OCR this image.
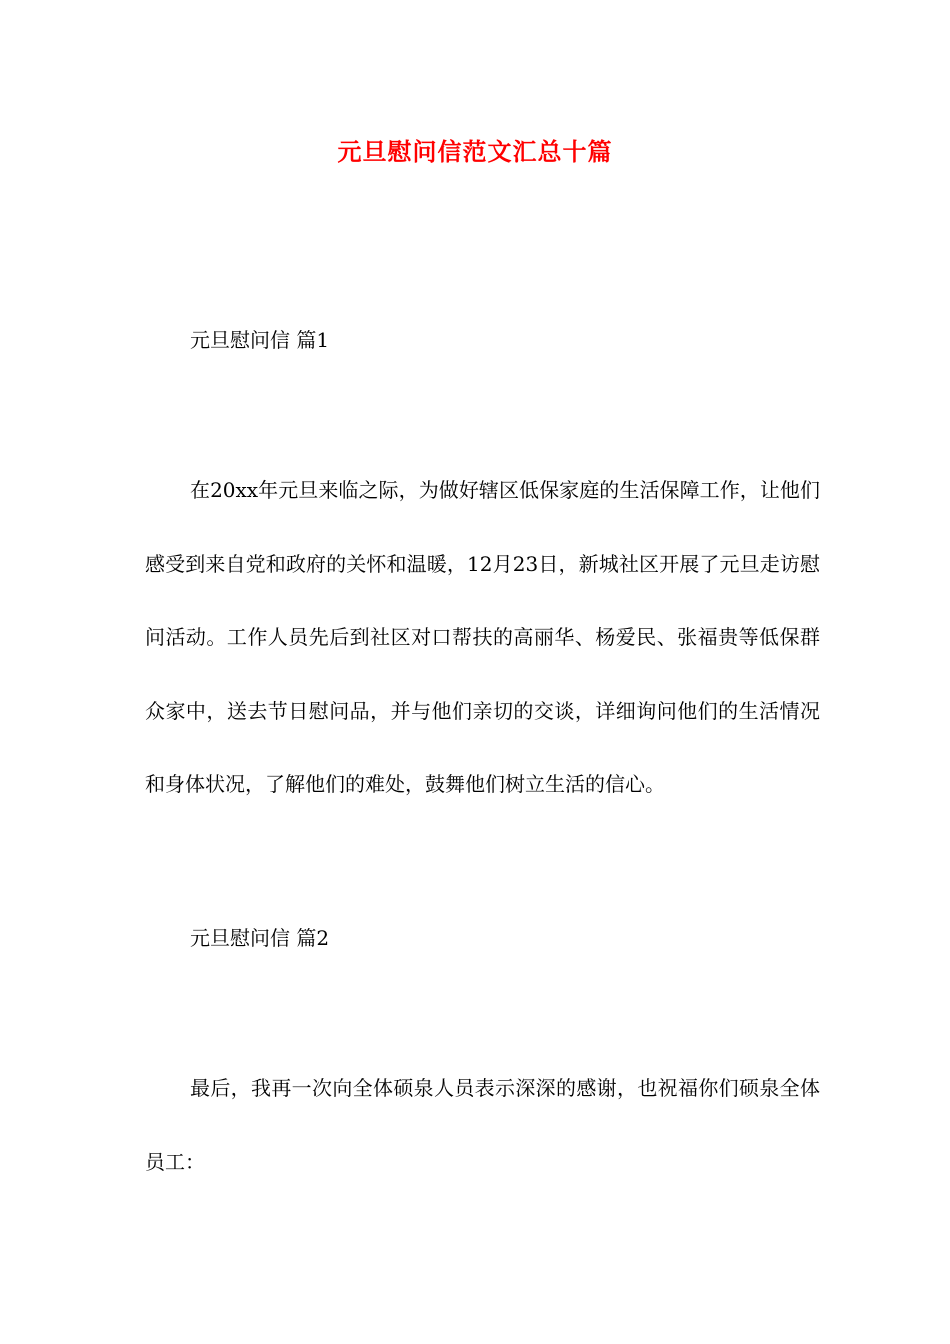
元旦慰问信范文汇总十篇

元旦慰问信 篇1

在20xx年元旦来临之际，为做好辖区低保家庭的生活保障工作，让他们感受到来自党和政府的关怀和温暖，12月23日，新城社区开展了元旦走访慰问活动。工作人员先后到社区对口帮扶的高丽华、杨爱民、张福贵等低保群众家中，送去节日慰问品，并与他们亲切的交谈，详细询问他们的生活情况和身体状况，了解他们的难处，鼓舞他们树立生活的信心。

元旦慰问信 篇2

最后，我再一次向全体硕泉人员表示深深的感谢，也祝福你们硕泉全体员工：
